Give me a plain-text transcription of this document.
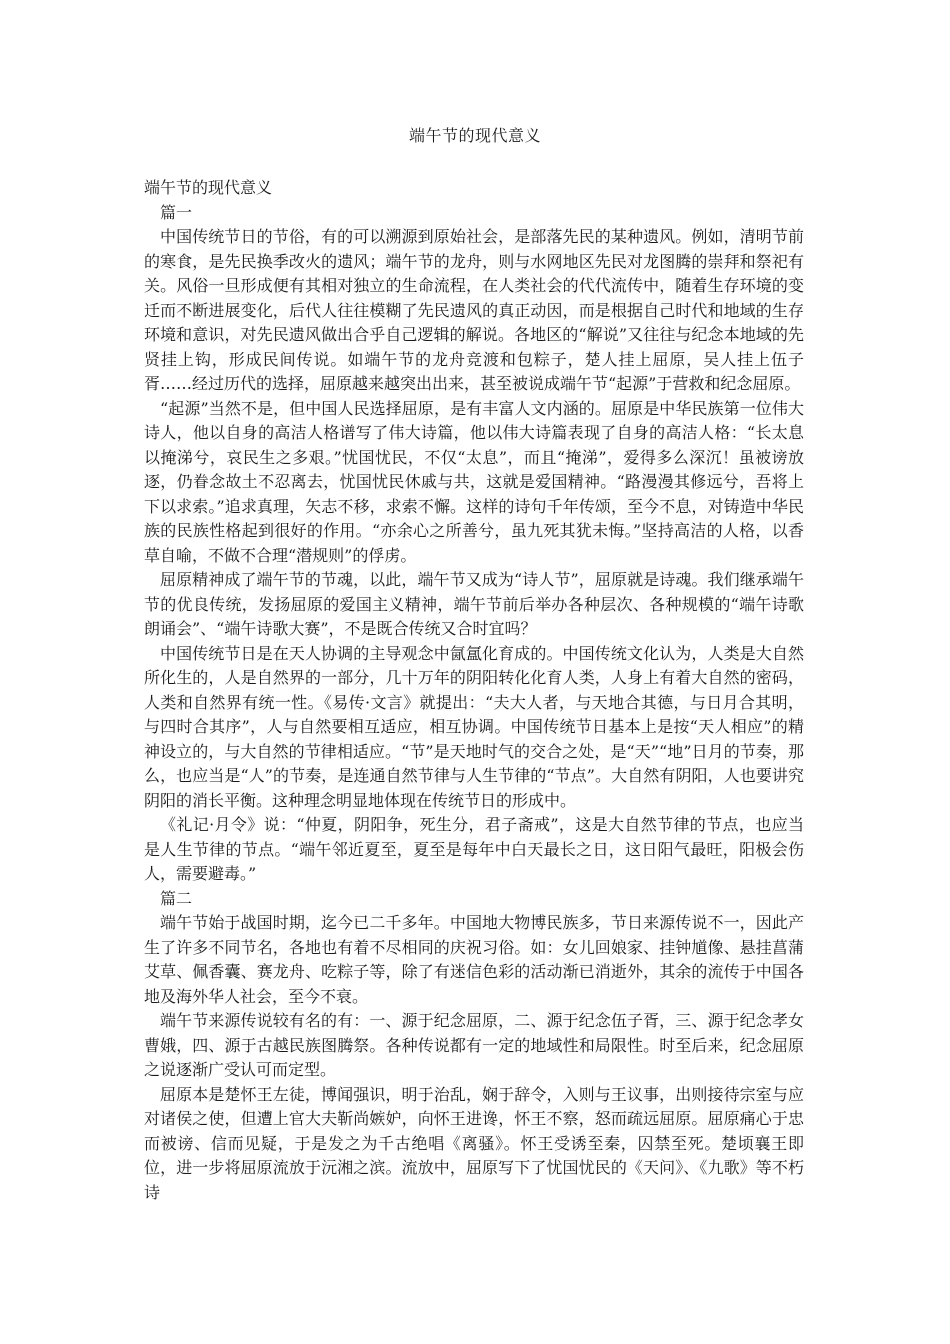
端午节的现代意义

端午节的现代意义

篇一

中国传统节日的节俗，有的可以溯源到原始社会，是部落先民的某种遗风。例如，清明节前的寒食，是先民换季改火的遗风；端午节的龙舟，则与水网地区先民对龙图腾的崇拜和祭祀有关。风俗一旦形成便有其相对独立的生命流程，在人类社会的代代流传中，随着生存环境的变迁而不断进展变化，后代人往往模糊了先民遗风的真正动因，而是根据自己时代和地域的生存环境和意识，对先民遗风做出合乎自己逻辑的解说。各地区的“解说”又往往与纪念本地域的先贤挂上钩，形成民间传说。如端午节的龙舟竞渡和包粽子，楚人挂上屈原，吴人挂上伍子胥……经过历代的选择，屈原越来越突出出来，甚至被说成端午节“起源”于营救和纪念屈原。

“起源”当然不是，但中国人民选择屈原，是有丰富人文内涵的。屈原是中华民族第一位伟大诗人，他以自身的高洁人格谱写了伟大诗篇，他以伟大诗篇表现了自身的高洁人格：“长太息以掩涕兮，哀民生之多艰。”忧国忧民，不仅“太息”，而且“掩涕”，爱得多么深沉！虽被谤放逐，仍眷念故土不忍离去，忧国忧民休戚与共，这就是爱国精神。“路漫漫其修远兮，吾将上下以求索。”追求真理，矢志不移，求索不懈。这样的诗句千年传颂，至今不息，对铸造中华民族的民族性格起到很好的作用。“亦余心之所善兮，虽九死其犹未悔。”坚持高洁的人格，以香草自喻，不做不合理“潜规则”的俘虏。

屈原精神成了端午节的节魂，以此，端午节又成为“诗人节”，屈原就是诗魂。我们继承端午节的优良传统，发扬屈原的爱国主义精神，端午节前后举办各种层次、各种规模的“端午诗歌朗诵会”、“端午诗歌大赛”，不是既合传统又合时宜吗？

中国传统节日是在天人协调的主导观念中氤氲化育成的。中国传统文化认为，人类是大自然所化生的，人是自然界的一部分，几十万年的阴阳转化化育人类，人身上有着大自然的密码，人类和自然界有统一性。《易传·文言》就提出：“夫大人者，与天地合其德，与日月合其明，与四时合其序”，人与自然要相互适应，相互协调。中国传统节日基本上是按“天人相应”的精神设立的，与大自然的节律相适应。“节”是天地时气的交合之处，是“天”“地”日月的节奏，那么，也应当是“人”的节奏，是连通自然节律与人生节律的“节点”。大自然有阴阳，人也要讲究阴阳的消长平衡。这种理念明显地体现在传统节日的形成中。

《礼记·月令》说：“仲夏，阴阳争，死生分，君子斋戒”，这是大自然节律的节点，也应当是人生节律的节点。“端午邻近夏至，夏至是每年中白天最长之日，这日阳气最旺，阳极会伤人，需要避毒。”

篇二

端午节始于战国时期，迄今已二千多年。中国地大物博民族多，节日来源传说不一，因此产生了许多不同节名，各地也有着不尽相同的庆祝习俗。如：女儿回娘家、挂钟馗像、悬挂菖蒲艾草、佩香囊、赛龙舟、吃粽子等，除了有迷信色彩的活动渐已消逝外，其余的流传于中国各地及海外华人社会，至今不衰。

端午节来源传说较有名的有：一、源于纪念屈原，二、源于纪念伍子胥，三、源于纪念孝女曹娥，四、源于古越民族图腾祭。各种传说都有一定的地域性和局限性。时至后来，纪念屈原之说逐渐广受认可而定型。

屈原本是楚怀王左徒，博闻强识，明于治乱，娴于辞令，入则与王议事，出则接待宗室与应对诸侯之使，但遭上官大夫靳尚嫉妒，向怀王进谗，怀王不察，怒而疏远屈原。屈原痛心于忠而被谤、信而见疑，于是发之为千古绝唱《离骚》。怀王受诱至秦，囚禁至死。楚顷襄王即位，进一步将屈原流放于沅湘之滨。流放中，屈原写下了忧国忧民的《天问》、《九歌》等不朽诗
